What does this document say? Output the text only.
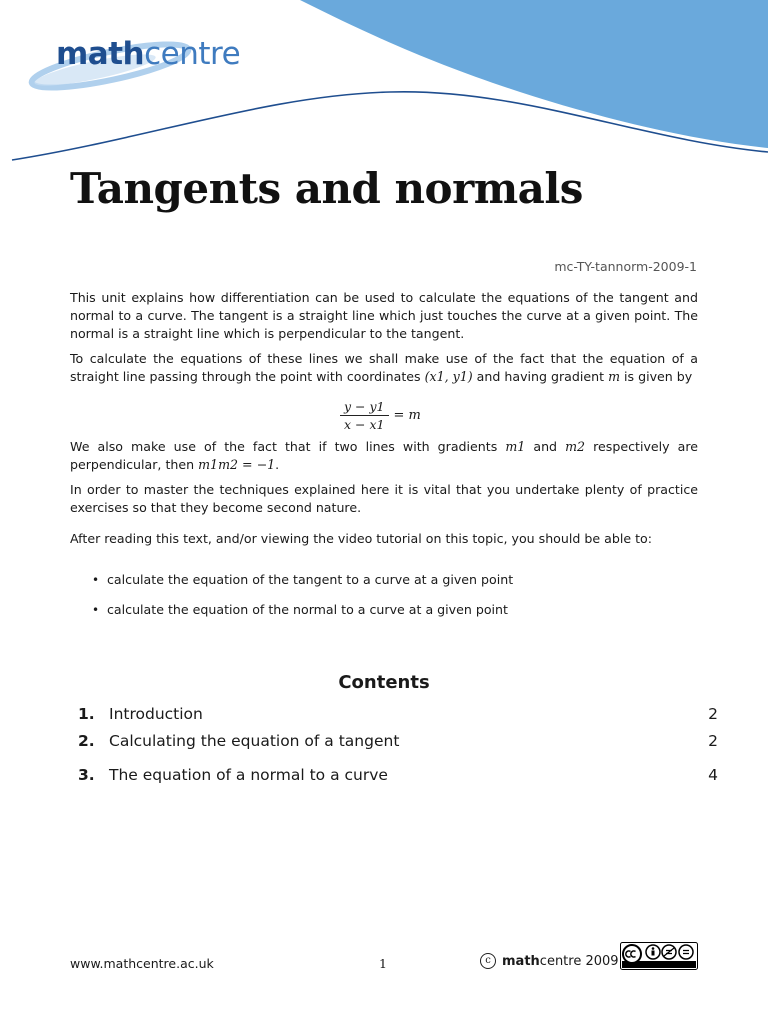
mathcentre
Tangents and normals
mc-TY-tannorm-2009-1

This unit explains how differentiation can be used to calculate the equations of the tangent and normal to a curve. The tangent is a straight line which just touches the curve at a given point. The normal is a straight line which is perpendicular to the tangent.

To calculate the equations of these lines we shall make use of the fact that the equation of a straight line passing through the point with coordinates (x1, y1) and having gradient m is given by

$\frac{y - y1}{x - x1} = m$

We also make use of the fact that if two lines with gradients m1 and m2 respectively are perpendicular, then m1m2 = −1.

In order to master the techniques explained here it is vital that you undertake plenty of practice exercises so that they become second nature.

After reading this text, and/or viewing the video tutorial on this topic, you should be able to:

• calculate the equation of the tangent to a curve at a given point
• calculate the equation of the normal to a curve at a given point
Contents
1. Introduction	2
2. Calculating the equation of a tangent	2
3. The equation of a normal to a curve	4
www.mathcentre.ac.uk	1	c mathcentre 2009
